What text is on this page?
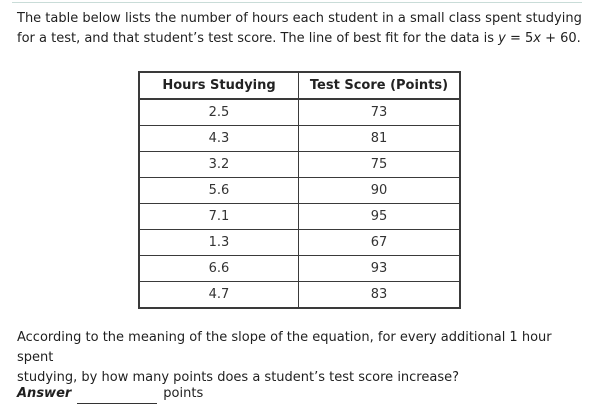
The table below lists the number of hours each student in a small class spent studying
for a test, and that student’s test score. The line of best fit for the data is y = 5x + 60.

Hours Studying	Test Score (Points)
2.5	73
4.3	81
3.2	75
5.6	90
7.1	95
1.3	67
6.6	93
4.7	83

According to the meaning of the slope of the equation, for every additional 1 hour spent
studying, by how many points does a student’s test score increase?

Answer	points
